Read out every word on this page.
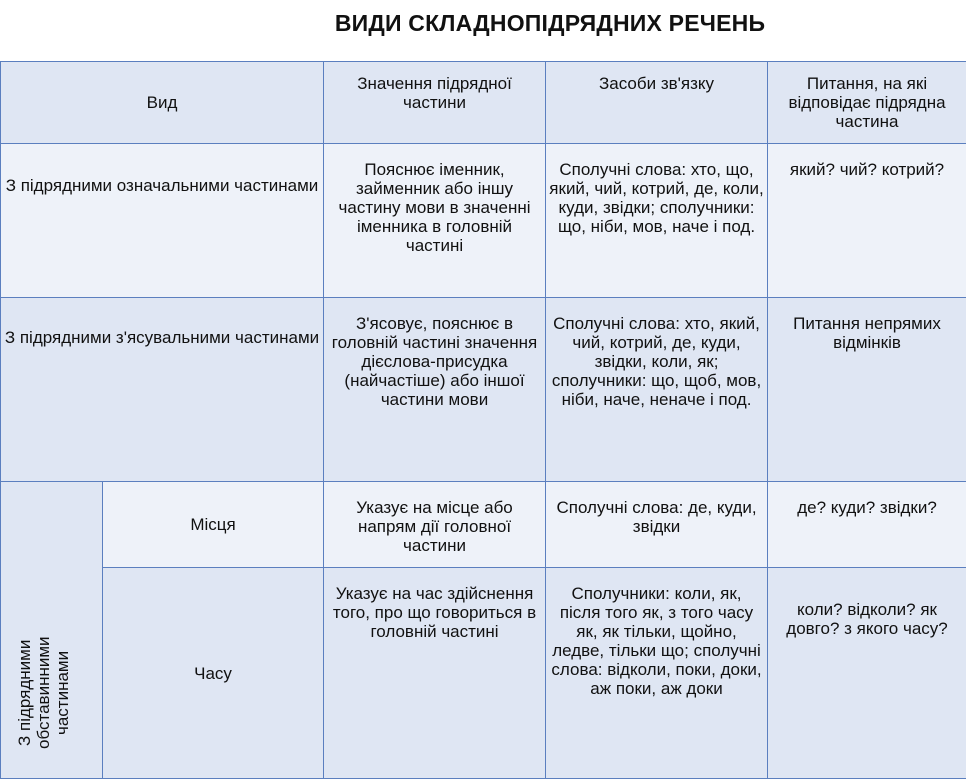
ВИДИ СКЛАДНОПІДРЯДНИХ РЕЧЕНЬ
Вид		Значення підрядної частини	Засоби зв'язку	Питання, на які відповідає підрядна частина
З підрядними означальними частинами		Пояснює іменник, займенник або іншу частину мови в значенні іменника в головній частині	Сполучні слова: хто, що, який, чий, котрий, де, коли, куди, звідки; сполучники: що, ніби, мов, наче і под.	який? чий? котрий?
З підрядними з'ясувальними частинами		З'ясовує, пояснює в головній частині значення дієслова-присудка (найчастіше) або іншої частини мови	Сполучні слова: хто, який, чий, котрий, де, куди, звідки, коли, як; сполучники: що, щоб, мов, ніби, наче, неначе і под.	Питання непрямих відмінків
З підрядними обставинними частинами	Місця	Указує на місце або напрям дії головної частини	Сполучні слова: де, куди, звідки	де? куди? звідки?
	Часу	Указує на час здійснення того, про що говориться в головній частині	Сполучники: коли, як, після того як, з того часу як, як тільки, щойно, ледве, тільки що; сполучні слова: відколи, поки, доки, аж поки, аж доки	коли? відколи? як довго? з якого часу?
